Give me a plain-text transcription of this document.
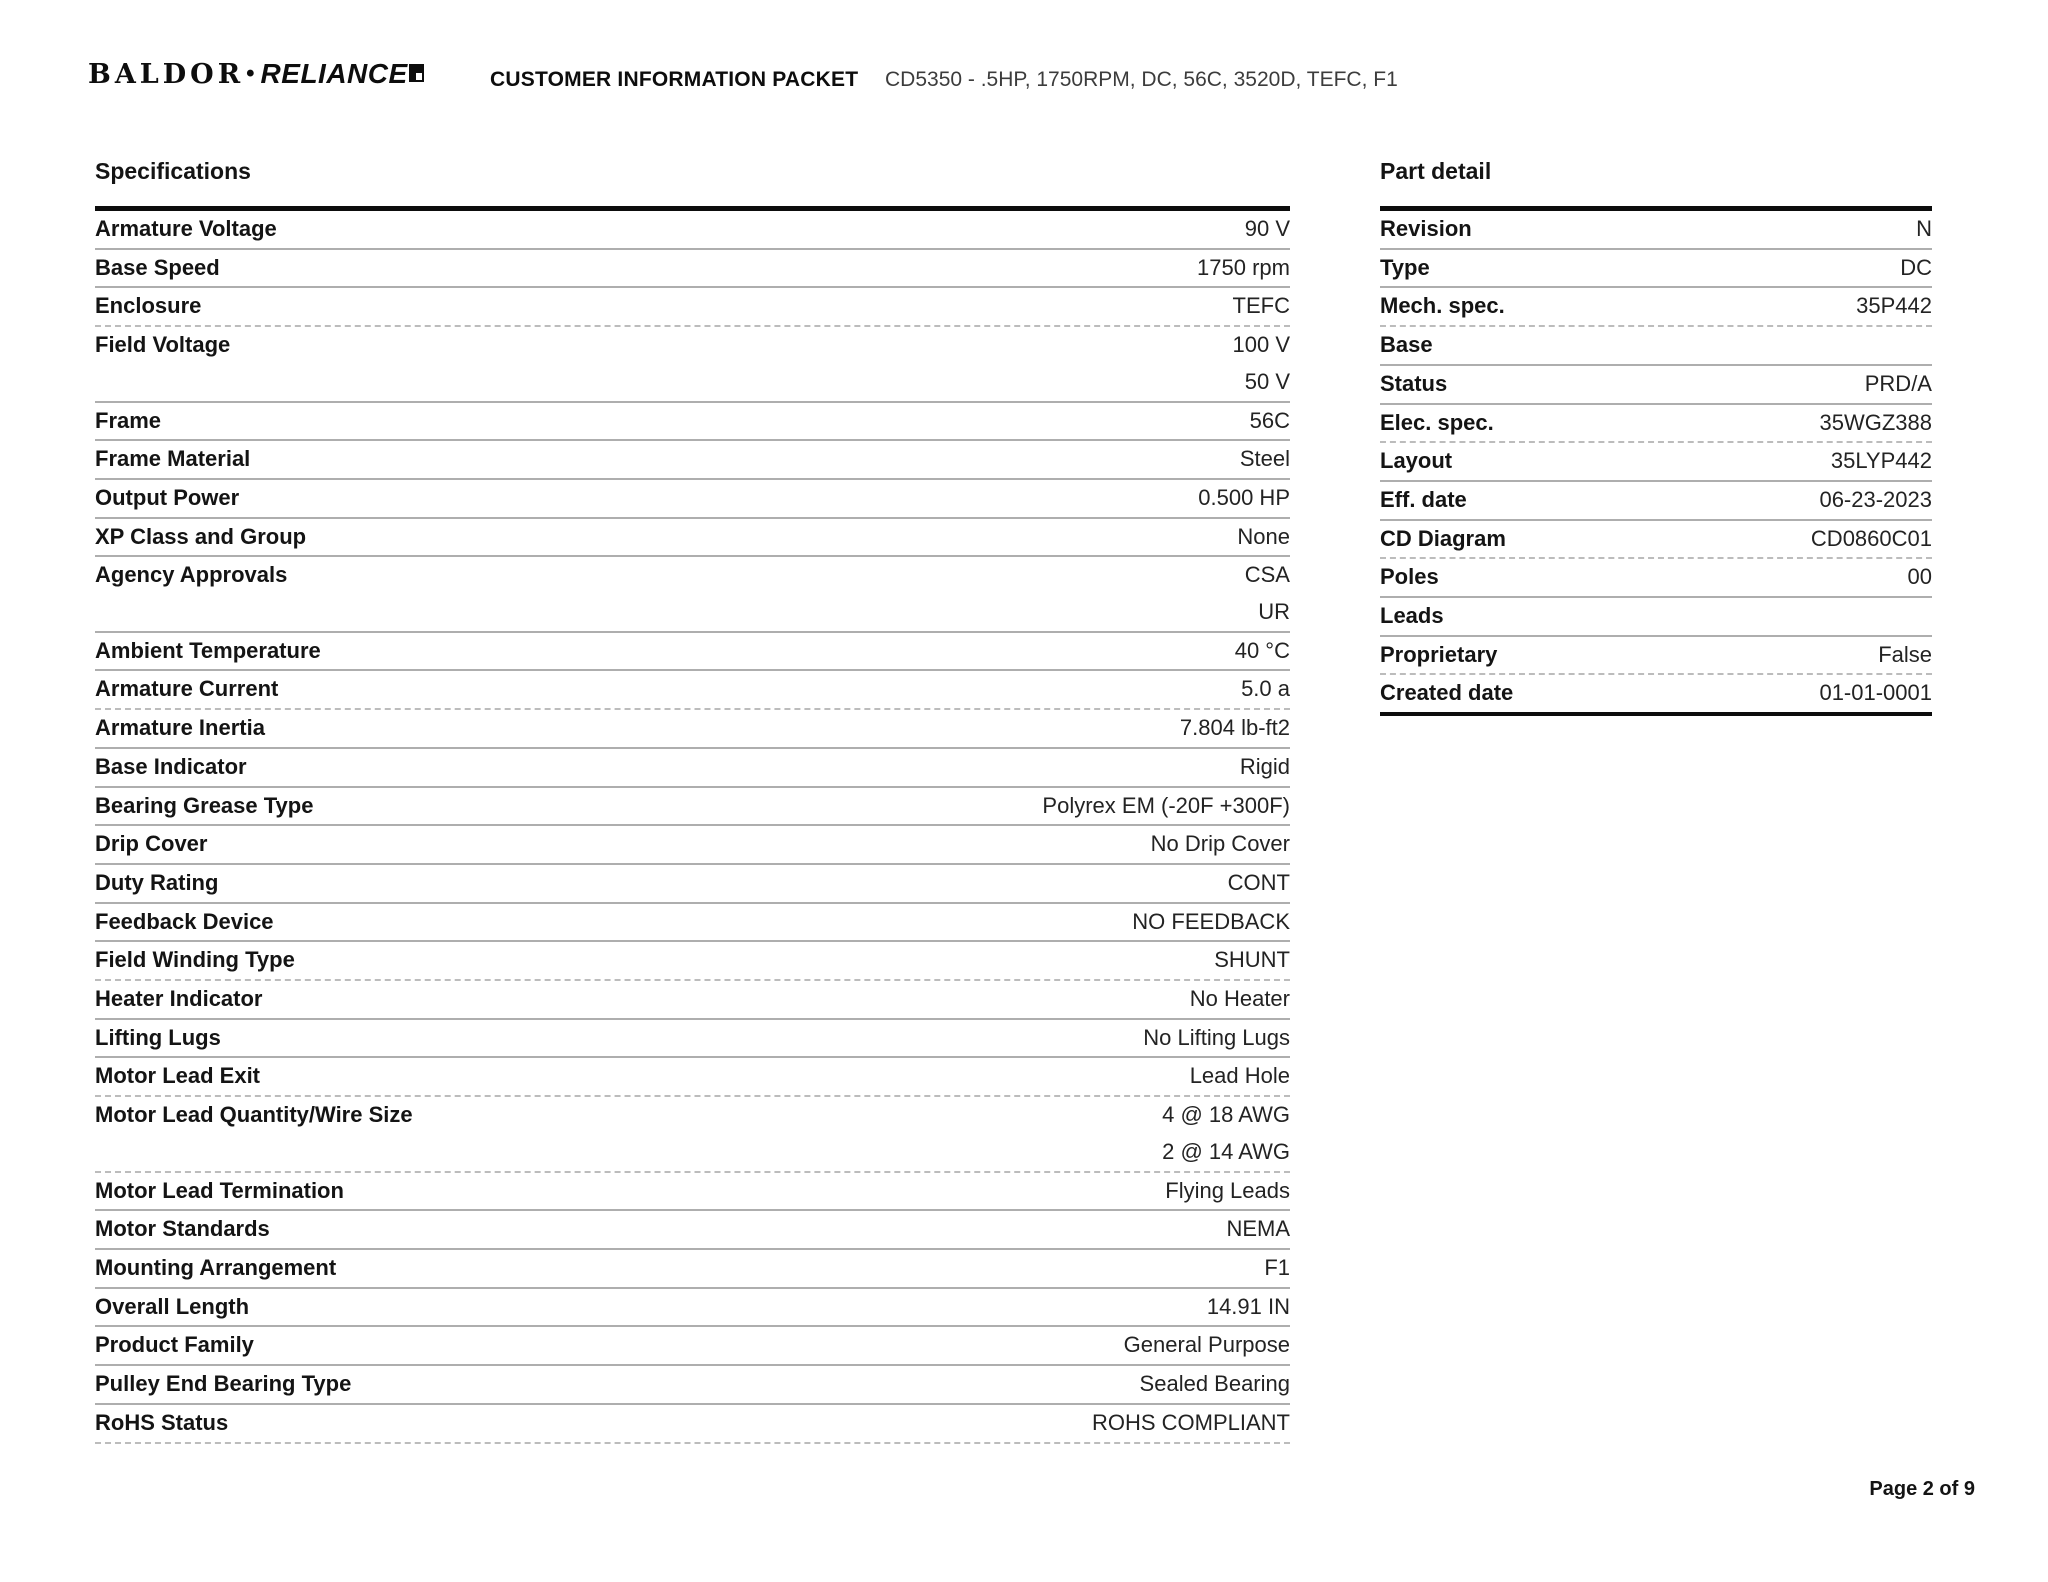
BALDOR• RELIANCE	CUSTOMER INFORMATION PACKET CD5350 - .5HP, 1750RPM, DC, 56C, 3520D, TEFC, F1
Specifications	Part detail
Armature Voltage	90 V
Base Speed	1750 rpm
Enclosure	TEFC
Field Voltage	100 V
50 V
Frame	56C
Frame Material	Steel
Output Power	0.500 HP
XP Class and Group	None
Agency Approvals	CSA
UR
Ambient Temperature	40 °C
Armature Current	5.0 a
Armature Inertia	7.804 lb-ft2
Base Indicator	Rigid
Bearing Grease Type	Polyrex EM (-20F +300F)
Drip Cover	No Drip Cover
Duty Rating	CONT
Feedback Device	NO FEEDBACK
Field Winding Type	SHUNT
Heater Indicator	No Heater
Lifting Lugs	No Lifting Lugs
Motor Lead Exit	Lead Hole
Motor Lead Quantity/Wire Size	4 @ 18 AWG
2 @ 14 AWG
Motor Lead Termination	Flying Leads
Motor Standards	NEMA
Mounting Arrangement	F1
Overall Length	14.91 IN
Product Family	General Purpose
Pulley End Bearing Type	Sealed Bearing
RoHS Status	ROHS COMPLIANT
Revision	N
Type	DC
Mech. spec.	35P442
Base

Status	PRD/A
Elec. spec.	35WGZ388
Layout	35LYP442
Eff. date	06-23-2023
CD Diagram	CD0860C01
Poles	00
Leads

Proprietary	False
Created date	01-01-0001
Page 2 of 9
